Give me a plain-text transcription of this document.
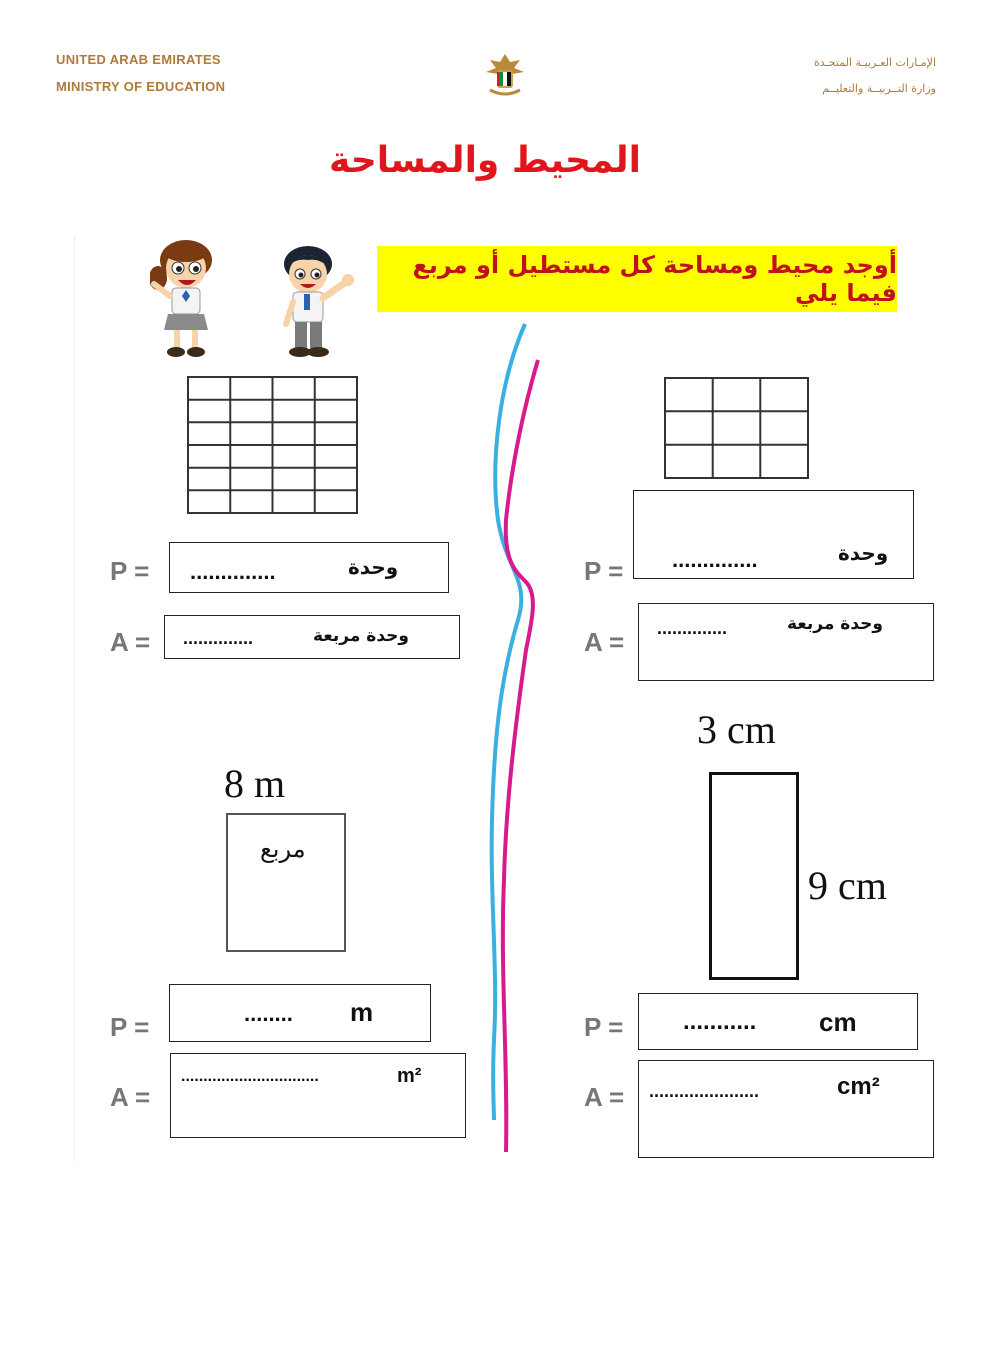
UNITED ARAB EMIRATES
MINISTRY OF EDUCATION
الإمـارات العـربيـة المتحـدة
وزارة التــربيــة والتعليــم
المحيط والمساحة
أوجد محيط ومساحة كل مستطيل أو مربع فيما يلي
P = ..............	وحدة
A = ..............	وحدة مربعة
P = ..............	وحدة
A = ..............	وحدة مربعة
8 m
مربع
P =	........ m
A =
...............................	m²
3 cm
9 cm
P = ........... cm
A = ......................	cm²
